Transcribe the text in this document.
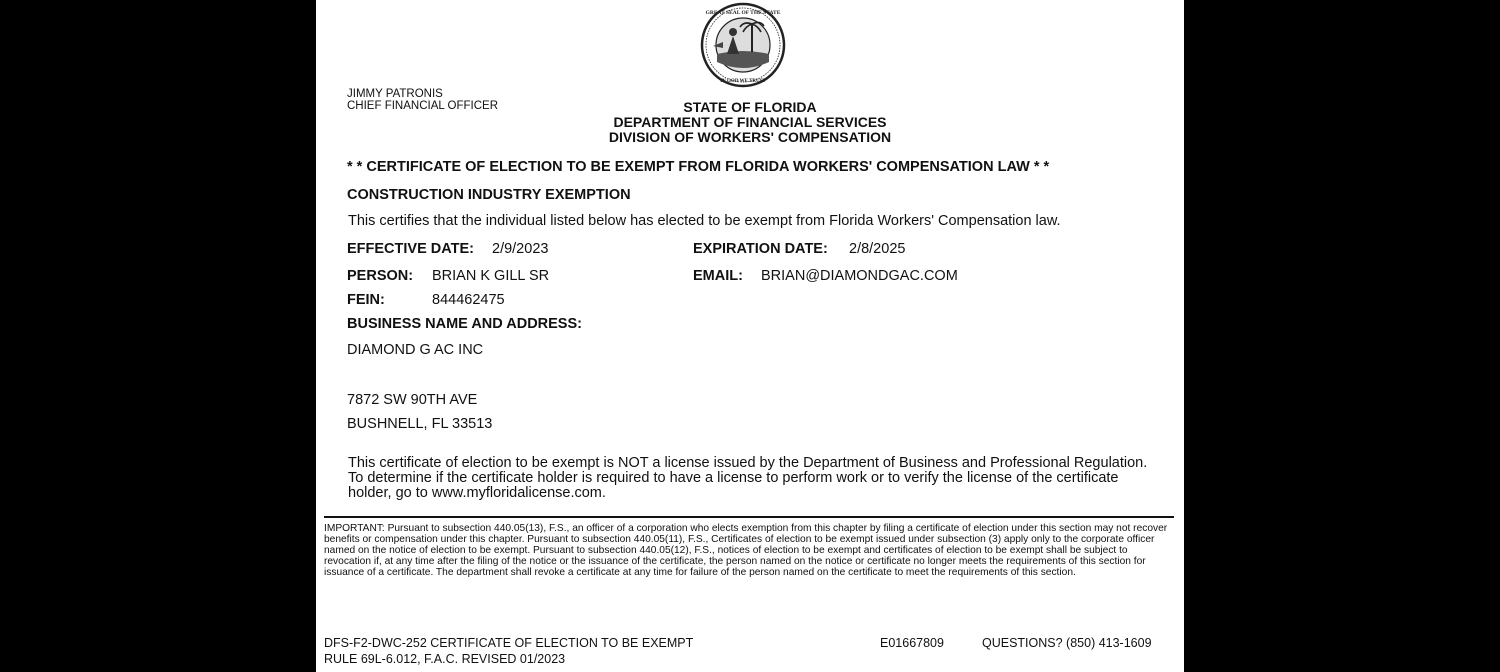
GREAT SEAL OF THE STATE
IN GOD WE TRUST
JIMMY PATRONIS
CHIEF FINANCIAL OFFICER	STATE OF FLORIDA
DEPARTMENT OF FINANCIAL SERVICES
DIVISION OF WORKERS' COMPENSATION
* * CERTIFICATE OF ELECTION TO BE EXEMPT FROM FLORIDA WORKERS' COMPENSATION LAW * *
CONSTRUCTION INDUSTRY EXEMPTION
This certifies that the individual listed below has elected to be exempt from Florida Workers' Compensation law.
EFFECTIVE DATE: 2/9/2023	EXPIRATION DATE: 2/8/2025
PERSON: BRIAN K GILL SR	EMAIL: BRIAN@DIAMONDGAC.COM
FEIN:	844462475
BUSINESS NAME AND ADDRESS:
DIAMOND G AC INC
7872 SW 90TH AVE
BUSHNELL, FL 33513
This certificate of election to be exempt is NOT a license issued by the Department of Business and Professional Regulation. To determine if the certificate holder is required to have a license to perform work or to verify the license of the certificate holder, go to www.myfloridalicense.com.
IMPORTANT: Pursuant to subsection 440.05(13), F.S., an officer of a corporation who elects exemption from this chapter by filing a certificate of election under this section may not recover benefits or compensation under this chapter. Pursuant to subsection 440.05(11), F.S., Certificates of election to be exempt issued under subsection (3) apply only to the corporate officer named on the notice of election to be exempt. Pursuant to subsection 440.05(12), F.S., notices of election to be exempt and certificates of election to be exempt shall be subject to revocation if, at any time after the filing of the notice or the issuance of the certificate, the person named on the notice or certificate no longer meets the requirements of this section for issuance of a certificate. The department shall revoke a certificate at any time for failure of the person named on the certificate to meet the requirements of this section.
DFS-F2-DWC-252 CERTIFICATE OF ELECTION TO BE EXEMPT
RULE 69L-6.012, F.A.C. REVISED 01/2023
E01667809	QUESTIONS? (850) 413-1609
